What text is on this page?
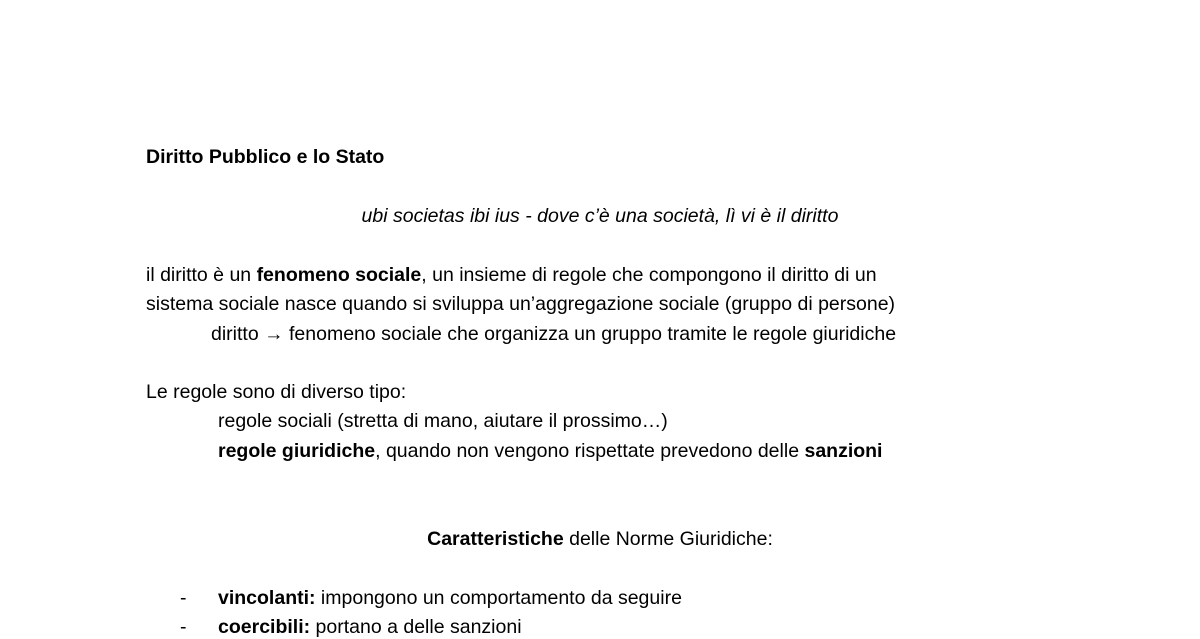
Diritto Pubblico e lo Stato
ubi societas ibi ius - dove c’è una società, lì vi è il diritto
il diritto è un fenomeno sociale, un insieme di regole che compongono il diritto di un
sistema sociale nasce quando si sviluppa un’aggregazione sociale (gruppo di persone)
diritto → fenomeno sociale che organizza un gruppo tramite le regole giuridiche
Le regole sono di diverso tipo:
regole sociali (stretta di mano, aiutare il prossimo…)
regole giuridiche, quando non vengono rispettate prevedono delle sanzioni
Caratteristiche delle Norme Giuridiche:
- vincolanti: impongono un comportamento da seguire
- coercibili: portano a delle sanzioni
